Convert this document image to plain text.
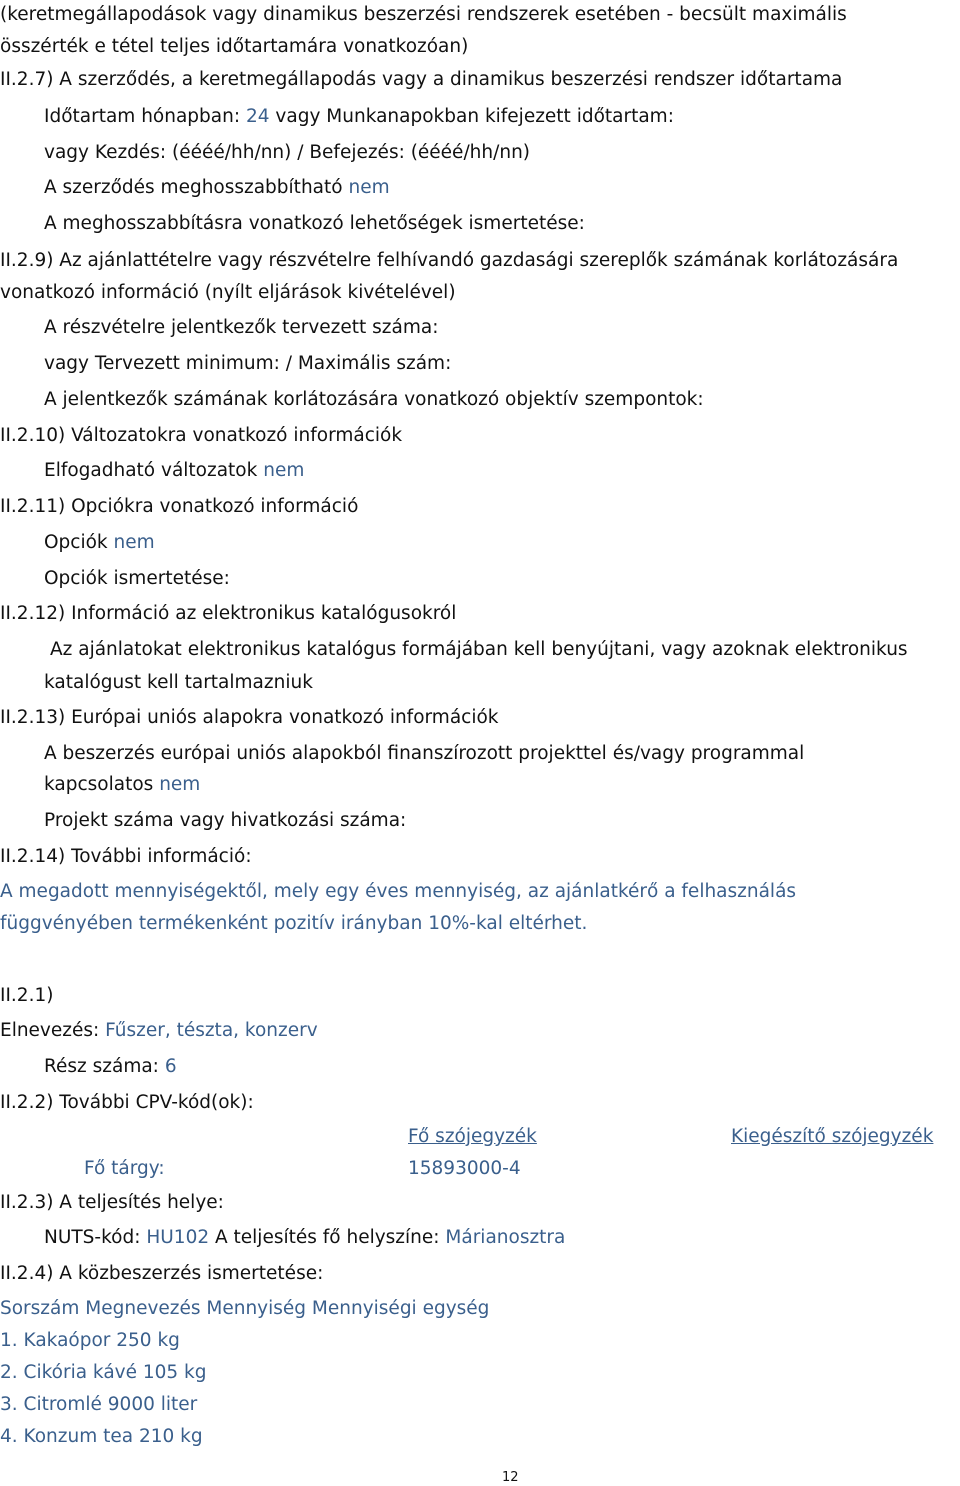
(keretmegállapodások vagy dinamikus beszerzési rendszerek esetében - becsült maximális
összérték e tétel teljes időtartamára vonatkozóan)
II.2.7) A szerződés, a keretmegállapodás vagy a dinamikus beszerzési rendszer időtartama
Időtartam hónapban: 24 vagy Munkanapokban kifejezett időtartam:
vagy Kezdés: (éééé/hh/nn) / Befejezés: (éééé/hh/nn)
A szerződés meghosszabbítható nem
A meghosszabbításra vonatkozó lehetőségek ismertetése:
II.2.9) Az ajánlattételre vagy részvételre felhívandó gazdasági szereplők számának korlátozására
vonatkozó információ (nyílt eljárások kivételével)
A részvételre jelentkezők tervezett száma:
vagy Tervezett minimum: / Maximális szám:
A jelentkezők számának korlátozására vonatkozó objektív szempontok:
II.2.10) Változatokra vonatkozó információk
Elfogadható változatok nem
II.2.11) Opciókra vonatkozó információ
Opciók nem
Opciók ismertetése:
II.2.12) Információ az elektronikus katalógusokról
Az ajánlatokat elektronikus katalógus formájában kell benyújtani, vagy azoknak elektronikus
katalógust kell tartalmazniuk
II.2.13) Európai uniós alapokra vonatkozó információk
A beszerzés európai uniós alapokból finanszírozott projekttel és/vagy programmal
kapcsolatos nem
Projekt száma vagy hivatkozási száma:
II.2.14) További információ:
A megadott mennyiségektől, mely egy éves mennyiség, az ajánlatkérő a felhasználás
függvényében termékenként pozitív irányban 10%-kal eltérhet.
II.2.1)
Elnevezés: Fűszer, tészta, konzerv
Rész száma: 6
II.2.2) További CPV-kód(ok):
Fő szójegyzék	Kiegészítő szójegyzék
Fő tárgy:	15893000-4
II.2.3) A teljesítés helye:
NUTS-kód: HU102 A teljesítés fő helyszíne: Márianosztra
II.2.4) A közbeszerzés ismertetése:
Sorszám Megnevezés Mennyiség Mennyiségi egység
1. Kakaópor 250 kg
2. Cikória kávé 105 kg
3. Citromlé 9000 liter
4. Konzum tea 210 kg
12
